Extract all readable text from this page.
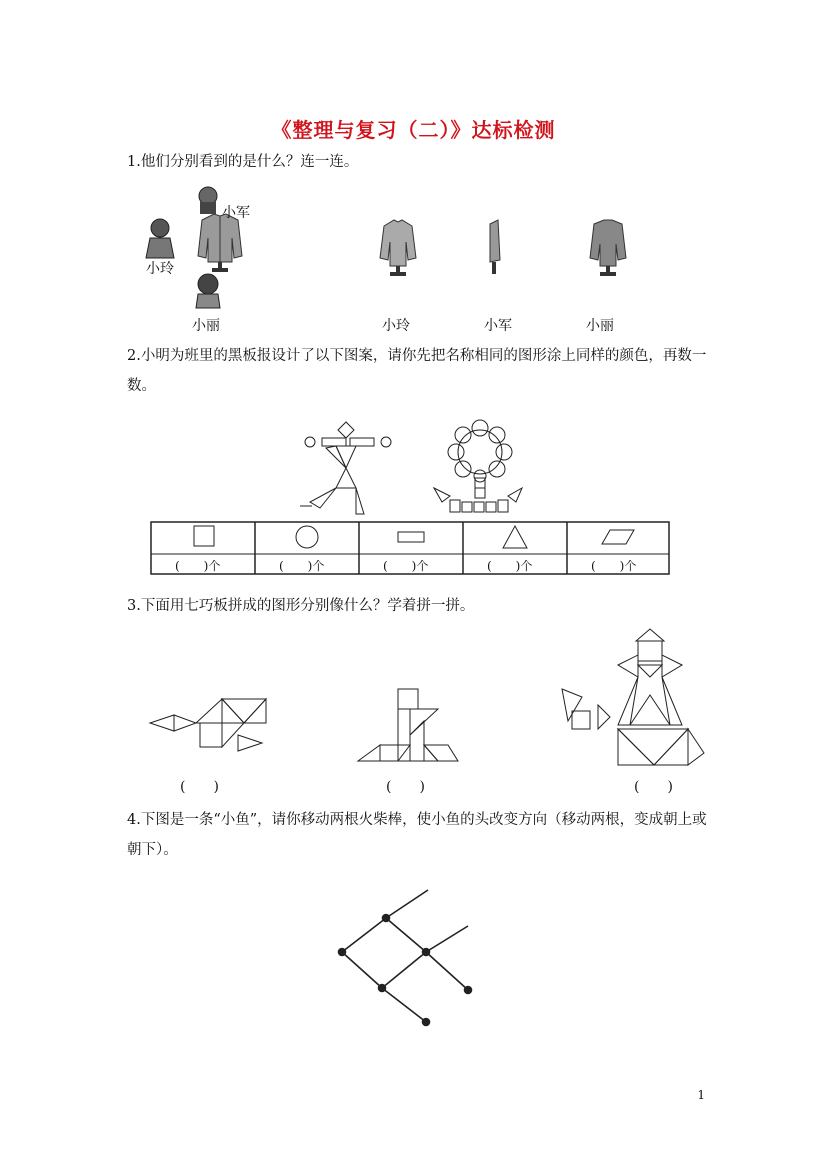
《整理与复习（二）》达标检测
1.他们分别看到的是什么？连一连。
小军
小玲
小丽	小玲	小军	小丽
2.小明为班里的黑板报设计了以下图案，请你先把名称相同的图形涂上同样的颜色，再数一数。
(　　)个	(　　)个	(　　)个	(　　)个	(　　)个
3.下面用七巧板拼成的图形分别像什么？学着拼一拼。
(　　)	(　　)	(　　)
4.下图是一条“小鱼”，请你移动两根火柴棒，使小鱼的头改变方向（移动两根，变成朝上或朝下）。
1
